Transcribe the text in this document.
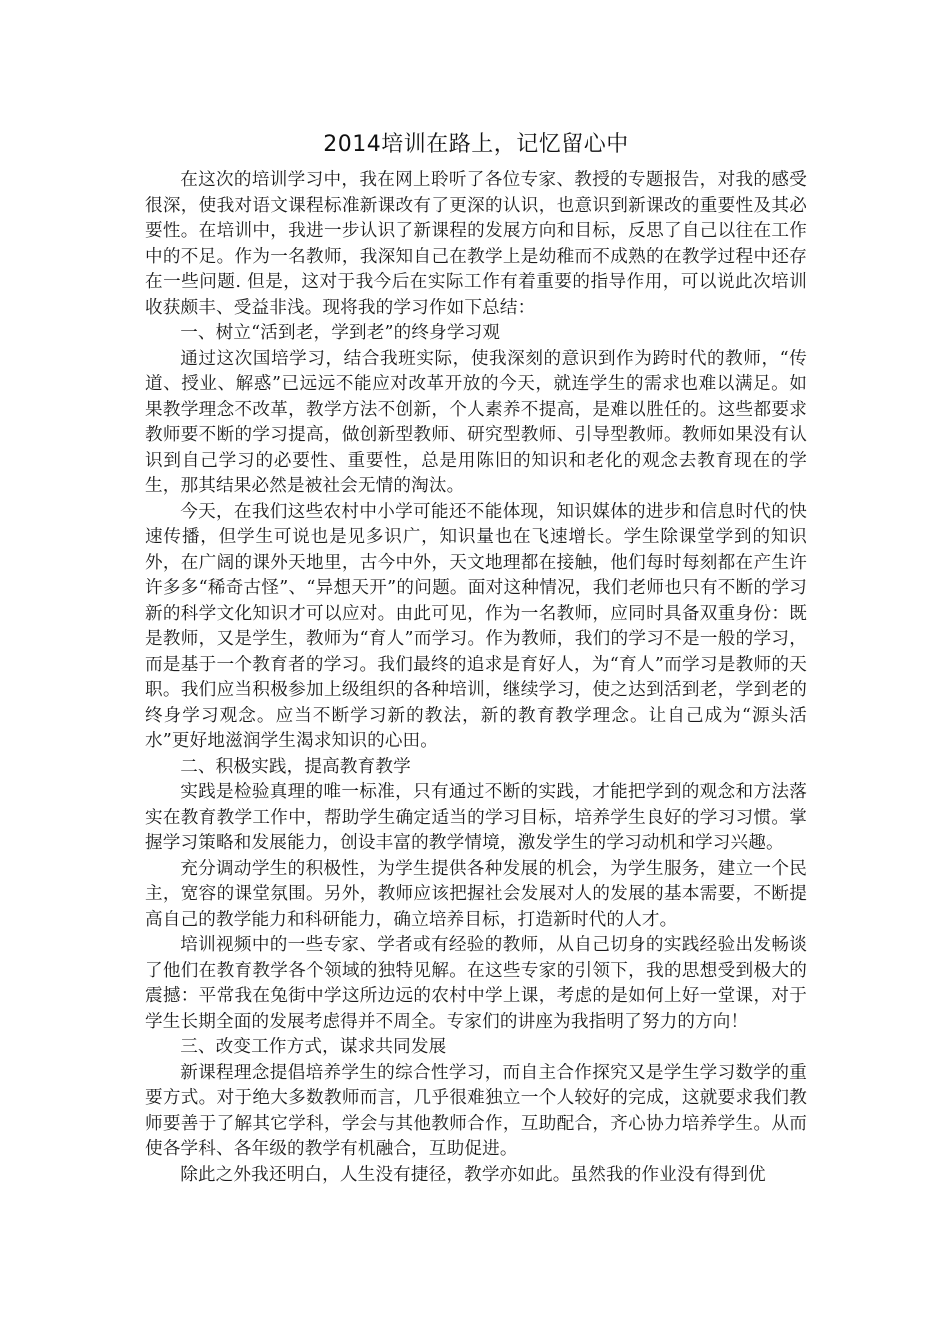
2014培训在路上，记忆留心中

在这次的培训学习中，我在网上聆听了各位专家、教授的专题报告，对我的感受很深，使我对语文课程标准新课改有了更深的认识，也意识到新课改的重要性及其必要性。在培训中，我进一步认识了新课程的发展方向和目标，反思了自己以往在工作中的不足。作为一名教师，我深知自己在教学上是幼稚而不成熟的在教学过程中还存在一些问题. 但是，这对于我今后在实际工作有着重要的指导作用，可以说此次培训收获颇丰、受益非浅。现将我的学习作如下总结：

一、树立“活到老，学到老”的终身学习观

通过这次国培学习，结合我班实际，使我深刻的意识到作为跨时代的教师，“传道、授业、解惑”已远远不能应对改革开放的今天，就连学生的需求也难以满足。如果教学理念不改革，教学方法不创新，个人素养不提高，是难以胜任的。这些都要求教师要不断的学习提高，做创新型教师、研究型教师、引导型教师。教师如果没有认识到自己学习的必要性、重要性，总是用陈旧的知识和老化的观念去教育现在的学生，那其结果必然是被社会无情的淘汰。

今天，在我们这些农村中小学可能还不能体现，知识媒体的进步和信息时代的快速传播，但学生可说也是见多识广，知识量也在飞速增长。学生除课堂学到的知识外，在广阔的课外天地里，古今中外，天文地理都在接触，他们每时每刻都在产生许许多多“稀奇古怪”、“异想天开”的问题。面对这种情况，我们老师也只有不断的学习新的科学文化知识才可以应对。由此可见，作为一名教师，应同时具备双重身份：既是教师，又是学生，教师为“育人”而学习。作为教师，我们的学习不是一般的学习，而是基于一个教育者的学习。我们最终的追求是育好人，为“育人”而学习是教师的天职。我们应当积极参加上级组织的各种培训，继续学习，使之达到活到老，学到老的终身学习观念。应当不断学习新的教法，新的教育教学理念。让自己成为“源头活水”更好地滋润学生渴求知识的心田。

二、积极实践，提高教育教学

实践是检验真理的唯一标准，只有通过不断的实践，才能把学到的观念和方法落实在教育教学工作中，帮助学生确定适当的学习目标，培养学生良好的学习习惯。掌握学习策略和发展能力，创设丰富的教学情境，激发学生的学习动机和学习兴趣。

充分调动学生的积极性，为学生提供各种发展的机会，为学生服务，建立一个民主，宽容的课堂氛围。另外，教师应该把握社会发展对人的发展的基本需要，不断提高自己的教学能力和科研能力，确立培养目标，打造新时代的人才。

培训视频中的一些专家、学者或有经验的教师，从自己切身的实践经验出发畅谈了他们在教育教学各个领域的独特见解。在这些专家的引领下，我的思想受到极大的震撼：平常我在兔街中学这所边远的农村中学上课，考虑的是如何上好一堂课，对于学生长期全面的发展考虑得并不周全。专家们的讲座为我指明了努力的方向！

三、改变工作方式，谋求共同发展

新课程理念提倡培养学生的综合性学习，而自主合作探究又是学生学习数学的重要方式。对于绝大多数教师而言，几乎很难独立一个人较好的完成，这就要求我们教师要善于了解其它学科，学会与其他教师合作，互助配合，齐心协力培养学生。从而使各学科、各年级的教学有机融合，互助促进。

除此之外我还明白，人生没有捷径，教学亦如此。虽然我的作业没有得到优
